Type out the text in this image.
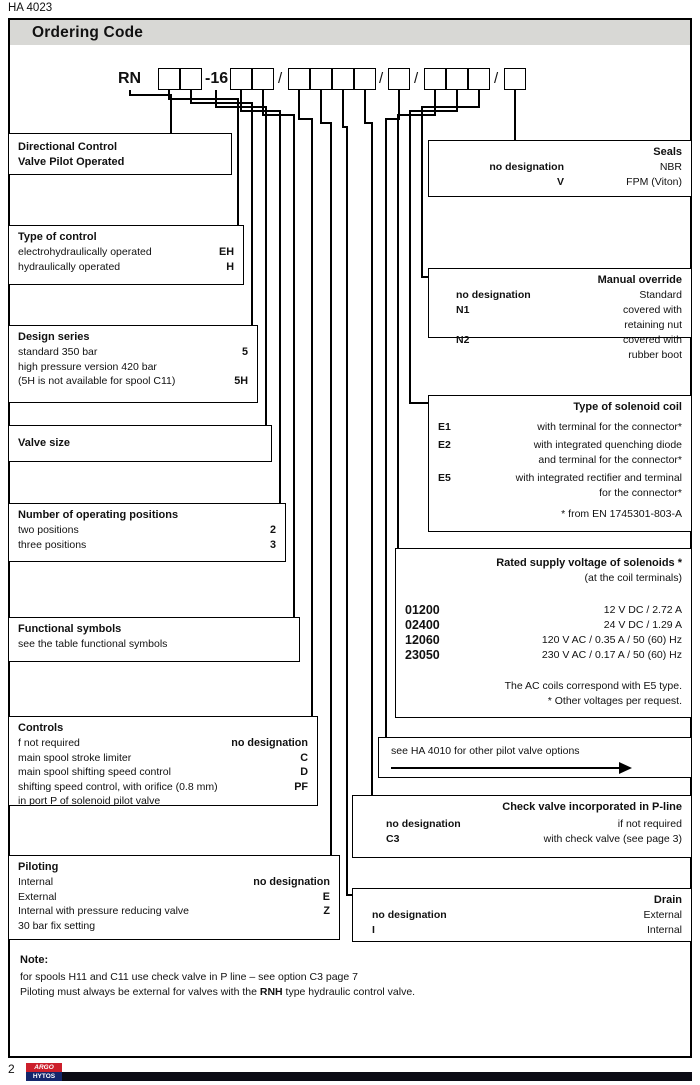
HA 4023
Ordering Code
RN	-16	/	/ /	/
Directional Control
Valve Pilot Operated
Type of control
electrohydraulically operated	EH
hydraulically operated	H
Design series
standard 350 bar	5
high pressure version 420 bar
(5H is not available for spool C11)	5H
Valve size
Number of operating positions
two positions	2
three positions	3
Functional symbols
see the table functional symbols
Controls
f not required	no designation
main spool stroke limiter	C
main spool shifting speed control	D
shifting speed control, with orifice (0.8 mm)	PF
in port P of solenoid pilot valve
Piloting
Internal	no designation
External	E
Internal with pressure reducing valve	Z
30 bar fix setting
Seals
no designation	NBR
V	FPM (Viton)
Manual override
no designation	Standard
N1	covered with retaining nut
N2	covered with rubber boot
Type of solenoid coil
E1	with terminal for the connector*
E2	with integrated quenching diode
and terminal for the connector*
E5	with integrated rectifier and terminal
for the connector*
* from EN 1745301-803-A
Rated supply voltage of solenoids *
(at the coil terminals)
01200	12 V DC / 2.72 A
02400	24 V DC / 1.29 A
12060	120 V AC / 0.35 A / 50 (60) Hz
23050	230 V AC / 0.17 A / 50 (60) Hz
The AC coils correspond with E5 type.
* Other voltages per request.
see HA 4010 for other pilot valve options
Check valve incorporated in P-line
no designation	if not required
C3	with check valve (see page 3)
Drain
no designation	External
I	Internal
Note:
for spools H11 and C11 use check valve in P line – see option C3 page 7
Piloting must always be external for valves with the RNH type hydraulic control valve.
2	ARGO
HYTOS
